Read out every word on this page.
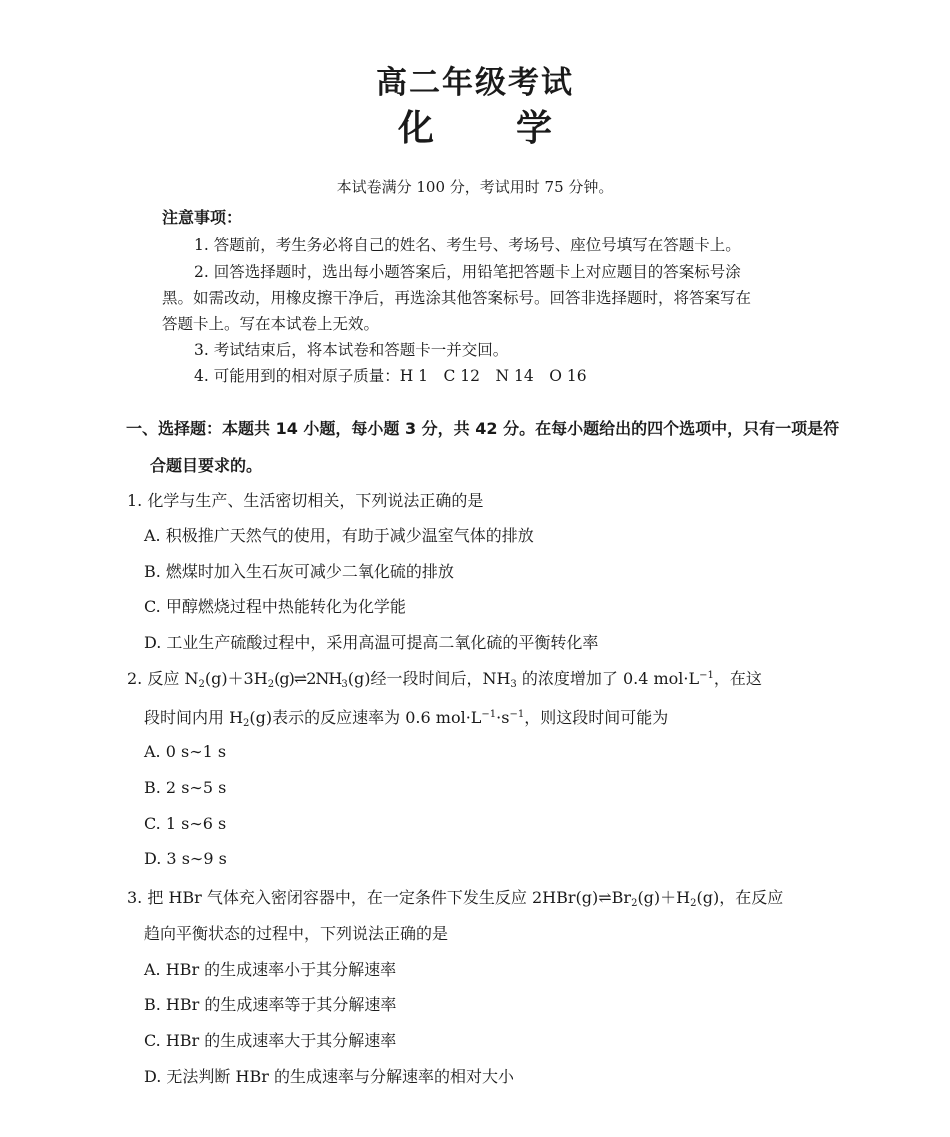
高二年级考试
化 学
本试卷满分 100 分，考试用时 75 分钟。
注意事项：
1. 答题前，考生务必将自己的姓名、考生号、考场号、座位号填写在答题卡上。
2. 回答选择题时，选出每小题答案后，用铅笔把答题卡上对应题目的答案标号涂
黑。如需改动，用橡皮擦干净后，再选涂其他答案标号。回答非选择题时，将答案写在
答题卡上。写在本试卷上无效。
3. 考试结束后，将本试卷和答题卡一并交回。
4. 可能用到的相对原子质量：H 1　C 12　N 14　O 16
一、选择题：本题共 14 小题，每小题 3 分，共 42 分。在每小题给出的四个选项中，只有一项是符
合题目要求的。
1. 化学与生产、生活密切相关，下列说法正确的是
A. 积极推广天然气的使用，有助于减少温室气体的排放
B. 燃煤时加入生石灰可减少二氧化硫的排放
C. 甲醇燃烧过程中热能转化为化学能
D. 工业生产硫酸过程中，采用高温可提高二氧化硫的平衡转化率
2. 反应 $N_2(g)+3H_2(g)\rightleftharpoons 2NH_3(g)$经一段时间后，$NH_3$ 的浓度增加了 0.4 $mol\cdot L^{-1}$，在这
段时间内用 $H_2(g)$表示的反应速率为 0.6 $mol\cdot L^{-1}\cdot s^{-1}$，则这段时间可能为
A. 0 s∼1 s
B. 2 s∼5 s
C. 1 s∼6 s
D. 3 s∼9 s
3. 把 HBr 气体充入密闭容器中，在一定条件下发生反应 $2HBr(g)\rightleftharpoons Br_2(g)+H_2(g)$，在反应
趋向平衡状态的过程中，下列说法正确的是
A. HBr 的生成速率小于其分解速率
B. HBr 的生成速率等于其分解速率
C. HBr 的生成速率大于其分解速率
D. 无法判断 HBr 的生成速率与分解速率的相对大小
